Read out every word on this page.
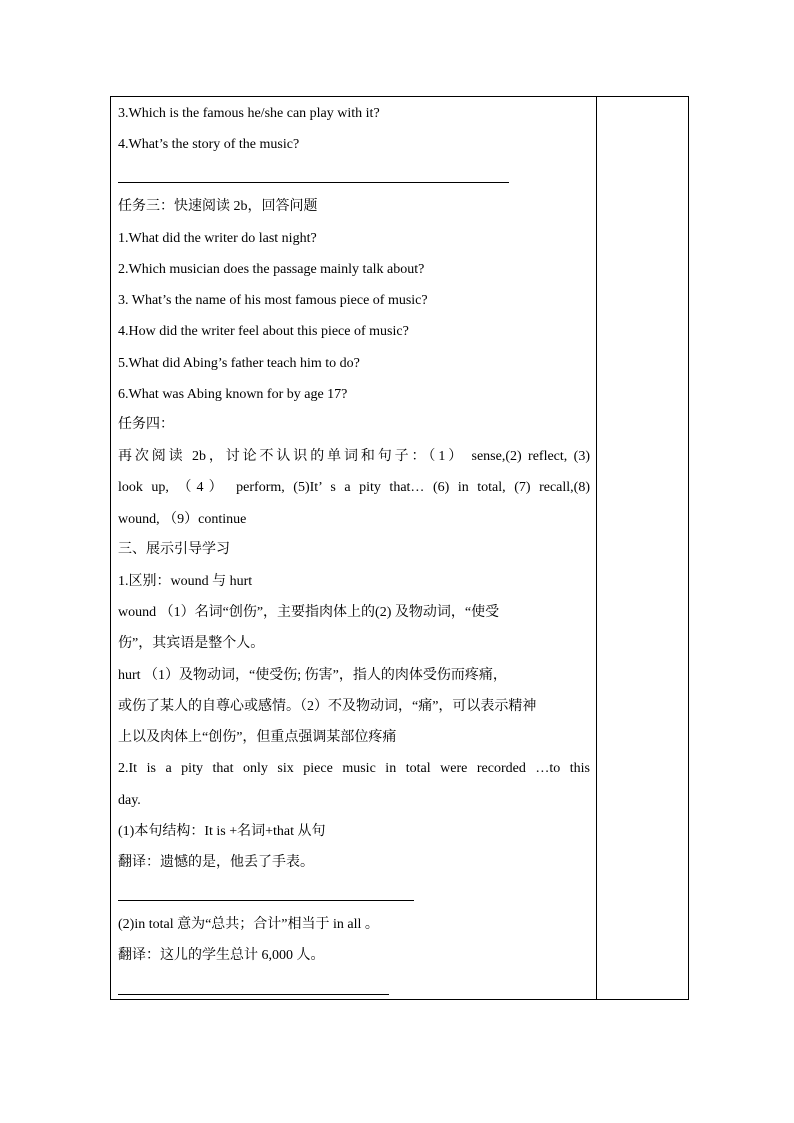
3.Which is the famous he/she can play with it?
4.What’s the story of the music?
任务三：快速阅读 2b，回答问题
1.What did the writer do last night?
2.Which musician does the passage mainly talk about?
3. What’s the name of his most famous piece of music?
4.How did the writer feel about this piece of music?
5.What did Abing’s father teach him to do?
6.What was Abing known for by age 17?
任务四：
再次阅读 2b，讨论不认识的单词和句子：（1） sense,(2) reflect, (3)
look up, （4） perform, (5)It’ s a pity that… (6) in total, (7) recall,(8)
wound, （9）continue
三、展示引导学习
1.区别：wound 与 hurt
wound （1）名词“创伤”，主要指肉体上的(2) 及物动词，“使受
伤”，其宾语是整个人。
hurt （1）及物动词，“使受伤; 伤害”，指人的肉体受伤而疼痛，
或伤了某人的自尊心或感情。（2）不及物动词，“痛”，可以表示精神
上以及肉体上“创伤”，但重点强调某部位疼痛
2.It is a pity that only six piece music in total were recorded …to this
day.
(1)本句结构：It is +名词+that 从句
翻译：遗憾的是，他丢了手表。
(2)in total 意为“总共；合计”相当于 in all 。
翻译：这儿的学生总计 6,000 人。
